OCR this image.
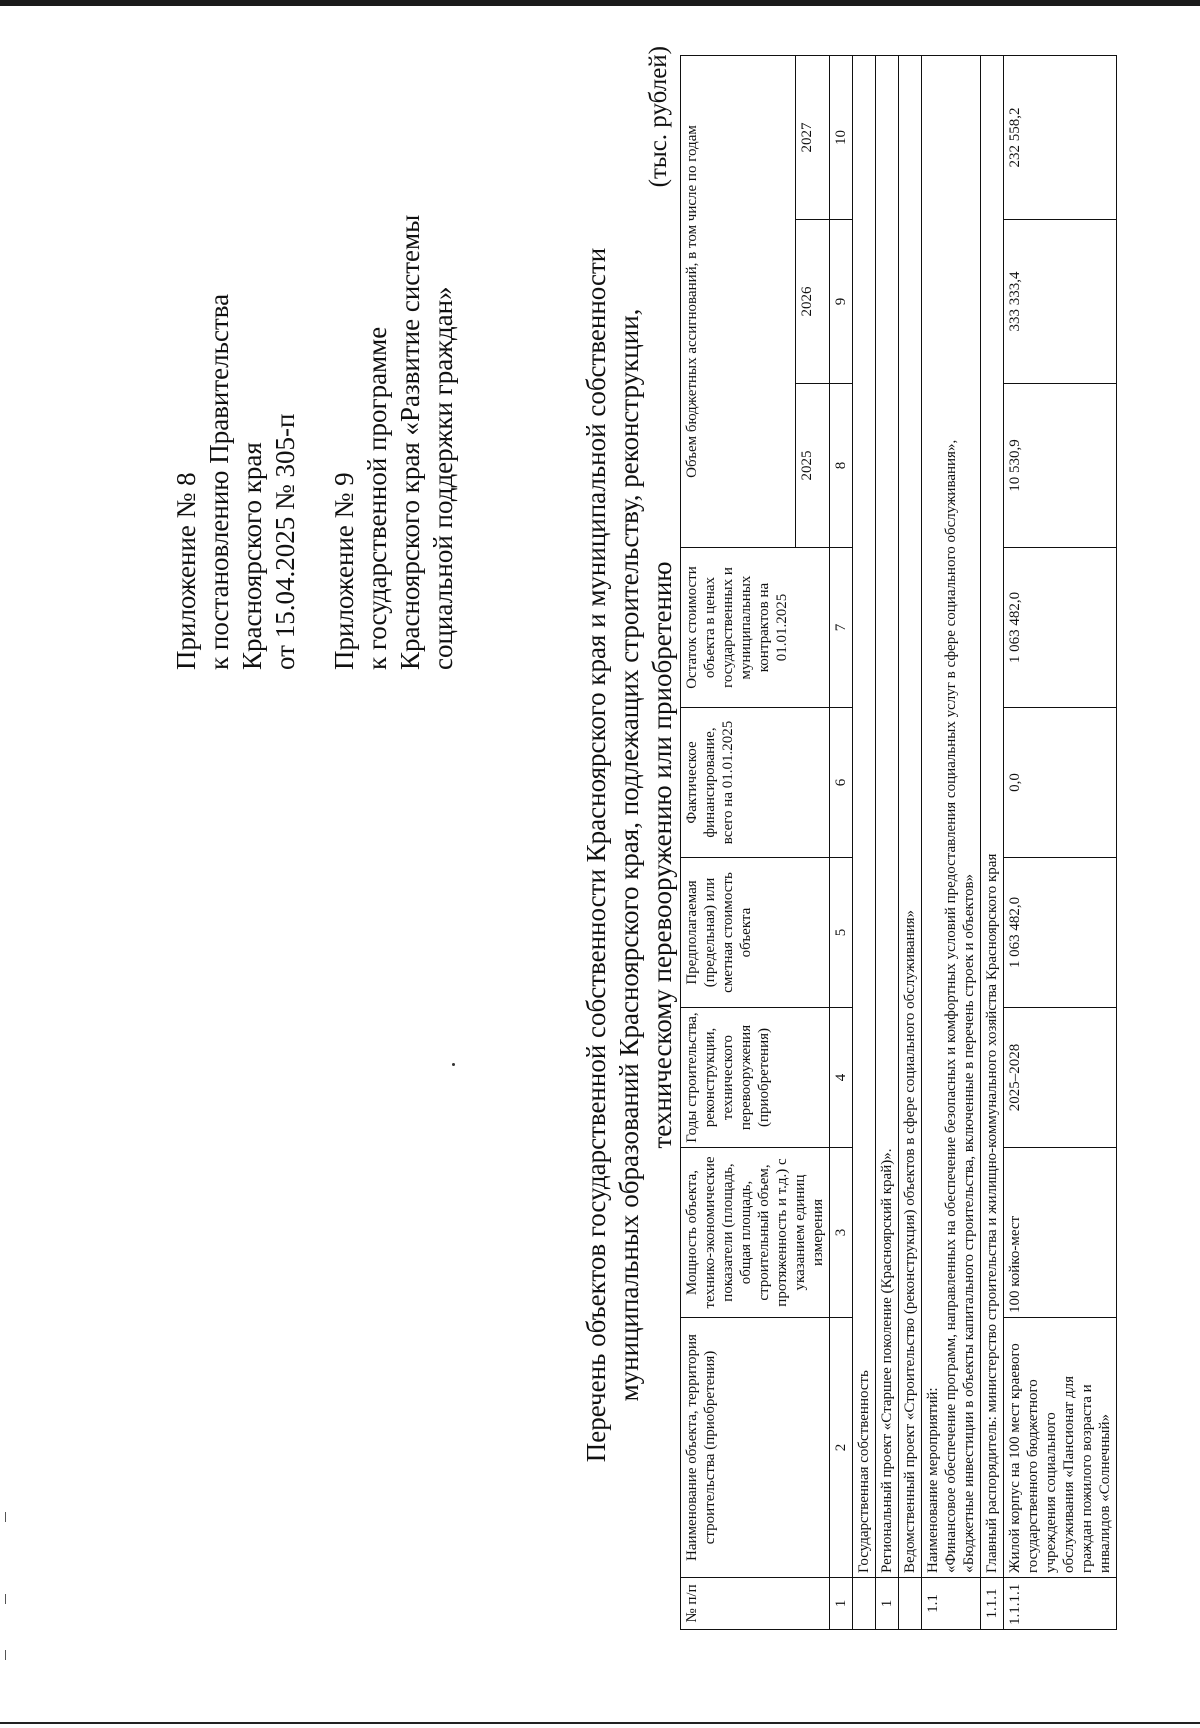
Приложение № 8 к постановлению Правительства Красноярского края от 15.04.2025 № 305-п Приложение № 9 к государственной программе Красноярского края «Развитие системы социальной поддержки граждан»	Перечень объектов государственной собственности Красноярского края и муниципальной собственности муниципальных образований Красноярского края, подлежащих строительству, реконструкции, техническому перевооружению или приобретению
(тыс. рублей)
№ п/п	Наименование объекта, территория строительства (приобретения)	Мощность объекта, технико-экономические показатели (площадь, общая площадь, строительный объем, протяженность и т.д.) с указанием единиц измерения	Годы строительства, реконструкции, технического перевооружения (приобретения)	Предполагаемая (предельная) или сметная стоимость объекта	Фактическое финансирование, всего на 01.01.2025	Остаток стоимости объекта в ценах государственных и муниципальных контрактов на 01.01.2025	Объем бюджетных ассигнований, в том числе по годам		
							2025	2026	2027
1	2	3	4	5	6	7	8	9	10
	Государственная собственность								
1	Региональный проект «Старшее поколение (Красноярский край)».								
	Ведомственный проект «Строительство (реконструкция) объектов в сфере социального обслуживания»								
1.1	Наименование мероприятий: «Финансовое обеспечение программ, направленных на обеспечение безопасных и комфортных условий предоставления социальных услуг в сфере социального обслуживания», «Бюджетные инвестиции в объекты капитального строительства, включенные в перечень строек и объектов»								

1.1.1	Главный распорядитель: министерство строительства и жилищно-коммунального хозяйства Красноярского края								
1.1.1.1	Жилой корпус на 100 мест краевого государственного бюджетного учреждения социального обслуживания «Пансионат для граждан пожилого возраста и инвалидов «Солнечный»	100 койко-мест	2025–2028	1 063 482,0	0,0	1 063 482,0	10 530,9	333 333,4	232 558,2
